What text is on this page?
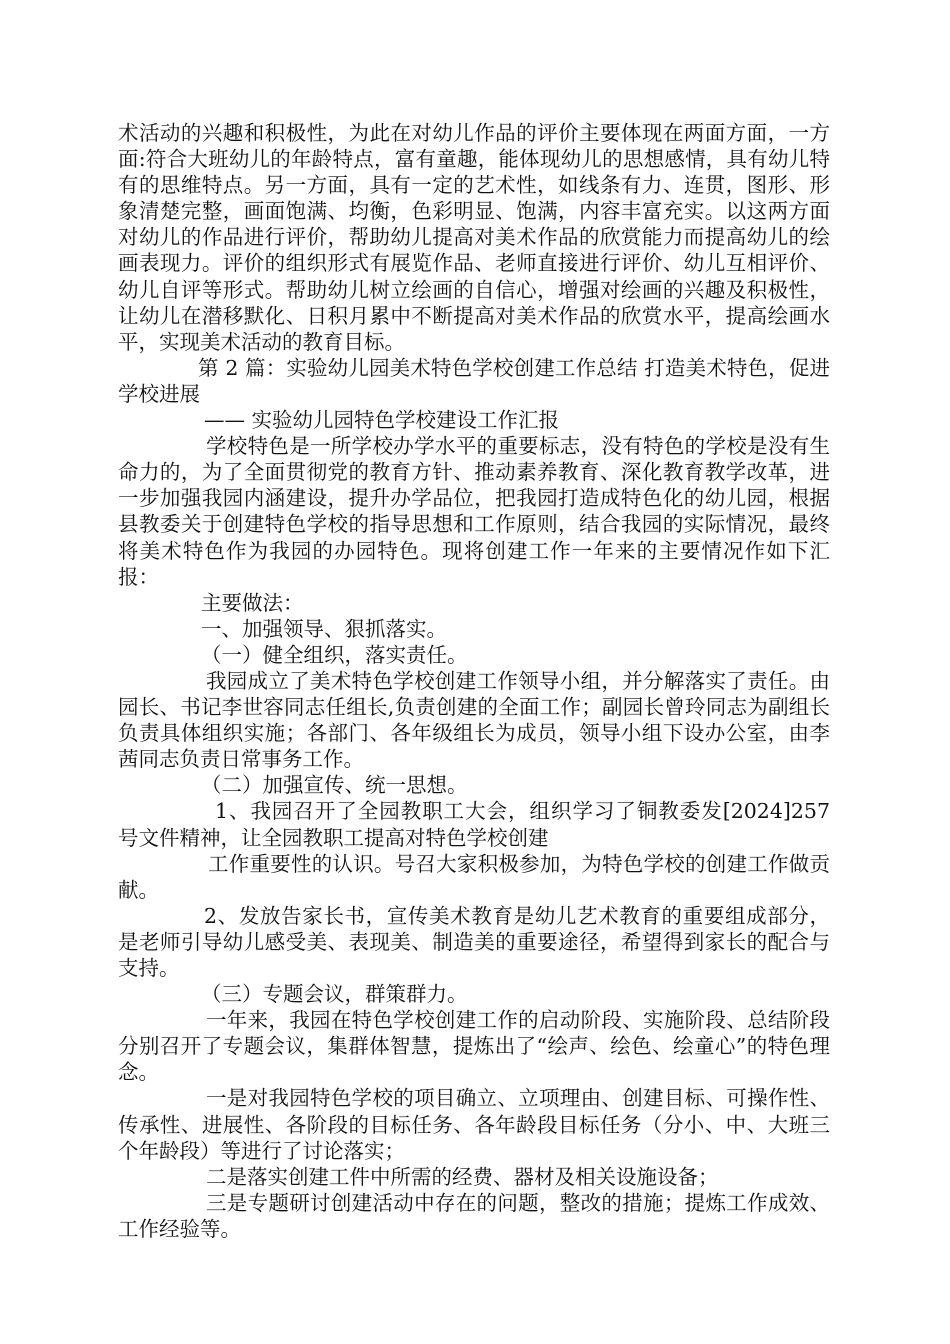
术活动的兴趣和积极性，为此在对幼儿作品的评价主要体现在两面方面，一方面:符合大班幼儿的年龄特点，富有童趣，能体现幼儿的思想感情，具有幼儿特有的思维特点。另一方面，具有一定的艺术性，如线条有力、连贯，图形、形象清楚完整，画面饱满、均衡，色彩明显、饱满，内容丰富充实。以这两方面对幼儿的作品进行评价，帮助幼儿提高对美术作品的欣赏能力而提高幼儿的绘画表现力。评价的组织形式有展览作品、老师直接进行评价、幼儿互相评价、幼儿自评等形式。帮助幼儿树立绘画的自信心，增强对绘画的兴趣及积极性，让幼儿在潜移默化、日积月累中不断提高对美术作品的欣赏水平，提高绘画水平，实现美术活动的教育目标。

第 2 篇：实验幼儿园美术特色学校创建工作总结 打造美术特色，促进学校进展

—— 实验幼儿园特色学校建设工作汇报

学校特色是一所学校办学水平的重要标志，没有特色的学校是没有生命力的，为了全面贯彻党的教育方针、推动素养教育、深化教育教学改革，进一步加强我园内涵建设，提升办学品位，把我园打造成特色化的幼儿园，根据县教委关于创建特色学校的指导思想和工作原则，结合我园的实际情况，最终将美术特色作为我园的办园特色。现将创建工作一年来的主要情况作如下汇报：

主要做法：

一、加强领导、狠抓落实。

（一）健全组织，落实责任。

我园成立了美术特色学校创建工作领导小组，并分解落实了责任。由园长、书记李世容同志任组长,负责创建的全面工作；副园长曾玲同志为副组长负责具体组织实施；各部门、各年级组长为成员，领导小组下设办公室，由李茜同志负责日常事务工作。

（二）加强宣传、统一思想。

1、我园召开了全园教职工大会，组织学习了铜教委发[2024]257 号文件精神，让全园教职工提高对特色学校创建

工作重要性的认识。号召大家积极参加，为特色学校的创建工作做贡献。

2、发放告家长书，宣传美术教育是幼儿艺术教育的重要组成部分，是老师引导幼儿感受美、表现美、制造美的重要途径，希望得到家长的配合与支持。

（三）专题会议，群策群力。

一年来，我园在特色学校创建工作的启动阶段、实施阶段、总结阶段分别召开了专题会议，集群体智慧，提炼出了“绘声、绘色、绘童心”的特色理念。

一是对我园特色学校的项目确立、立项理由、创建目标、可操作性、传承性、进展性、各阶段的目标任务、各年龄段目标任务（分小、中、大班三个年龄段）等进行了讨论落实；

二是落实创建工件中所需的经费、器材及相关设施设备；

三是专题研讨创建活动中存在的问题，整改的措施；提炼工作成效、工作经验等。
